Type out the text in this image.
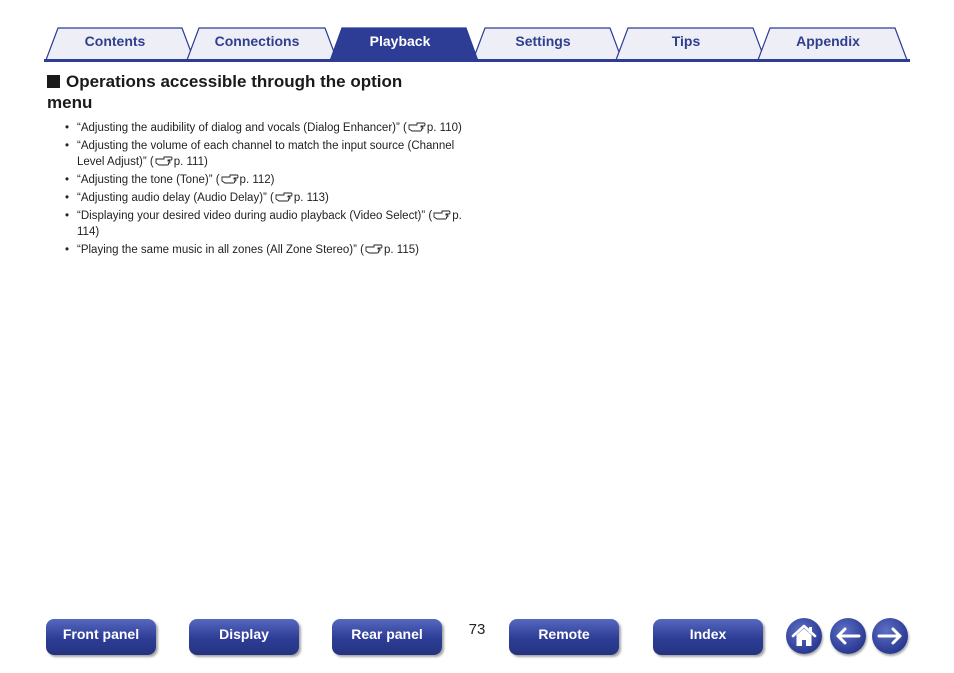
Contents	Connections	Playback	Settings	Tips	Appendix
Operations accessible through the option menu
• “Adjusting the audibility of dialog and vocals (Dialog Enhancer)” ( p. 110)
• “Adjusting the volume of each channel to match the input source (Channel Level Adjust)” ( p. 111)
• “Adjusting the tone (Tone)” ( p. 112)
• “Adjusting audio delay (Audio Delay)” ( p. 113)
• “Displaying your desired video during audio playback (Video Select)” ( p. 114)
• “Playing the same music in all zones (All Zone Stereo)” ( p. 115)
Front panel	Display	Rear panel	73	Remote	Index
